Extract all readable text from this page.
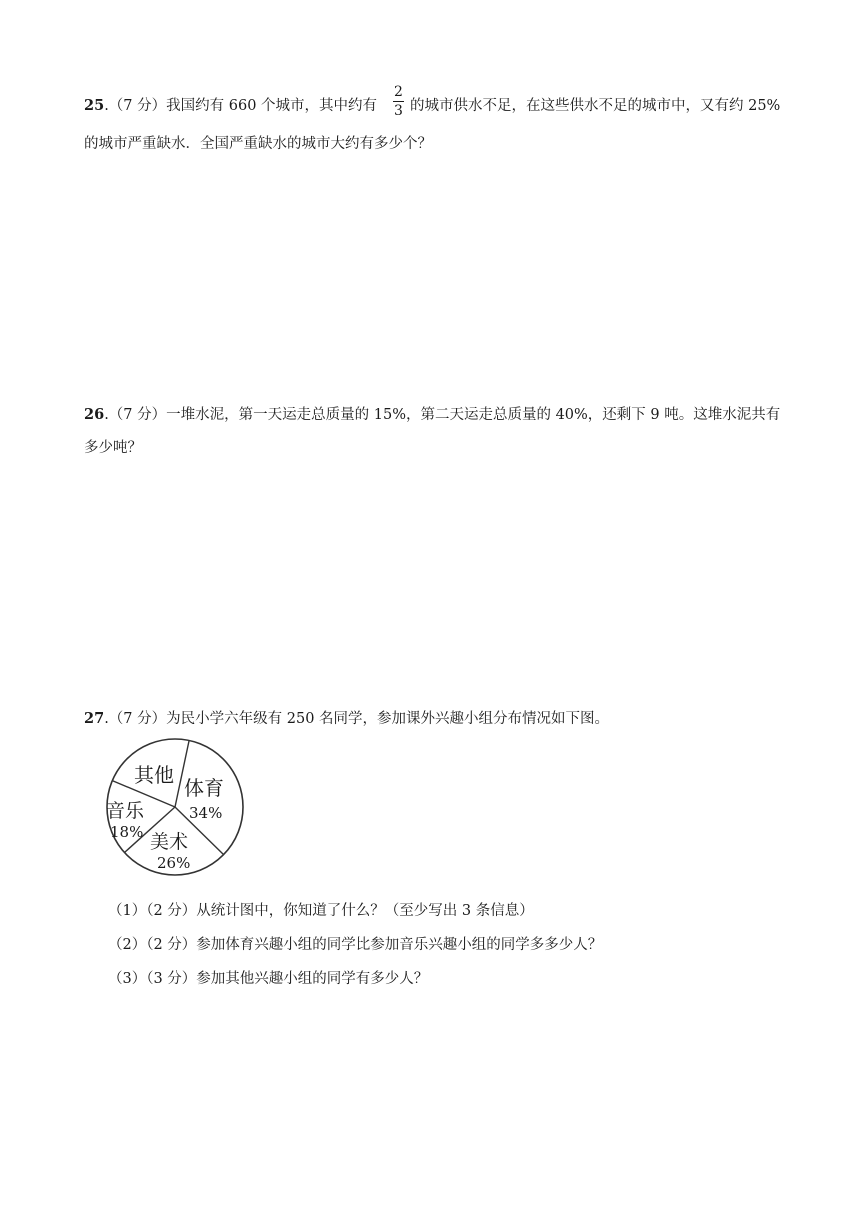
25.（7 分）我国约有 660 个城市，其中约有
2
3 的城市供水不足，在这些供水不足的城市中，又有约 25%
的城市严重缺水．全国严重缺水的城市大约有多少个？
26.（7 分）一堆水泥，第一天运走总质量的 15%，第二天运走总质量的 40%，还剩下 9 吨。这堆水泥共有
多少吨？
27.（7 分）为民小学六年级有 250 名同学，参加课外兴趣小组分布情况如下图。
其他
体育
34%
音乐
18% 美术
26%
（1）（2 分）从统计图中，你知道了什么？（至少写出 3 条信息）
（2）（2 分）参加体育兴趣小组的同学比参加音乐兴趣小组的同学多多少人？
（3）（3 分）参加其他兴趣小组的同学有多少人？
